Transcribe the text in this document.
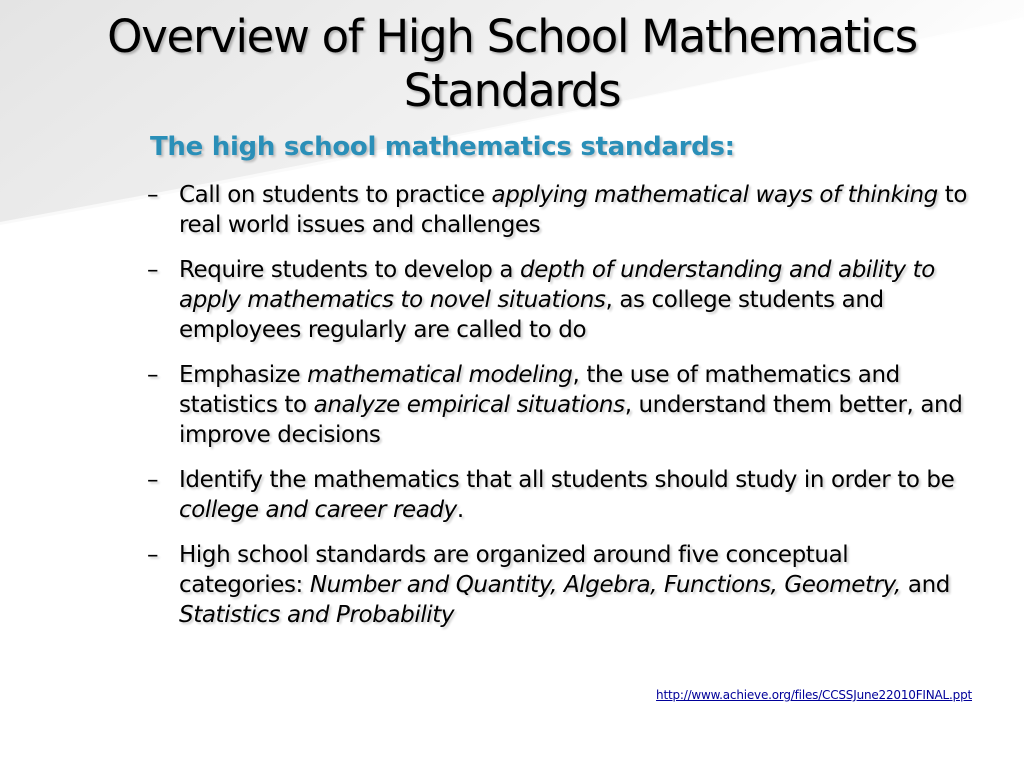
Overview of High School Mathematics Standards
The high school mathematics standards:
– Call on students to practice applying mathematical ways of thinking to real world issues and challenges
– Require students to develop a depth of understanding and ability to apply mathematics to novel situations, as college students and employees regularly are called to do
– Emphasize mathematical modeling, the use of mathematics and statistics to analyze empirical situations, understand them better, and improve decisions
– Identify the mathematics that all students should study in order to be college and career ready.
– High school standards are organized around five conceptual categories: Number and Quantity, Algebra, Functions, Geometry, and Statistics and Probability
http://www.achieve.org/files/CCSSJune22010FINAL.ppt
